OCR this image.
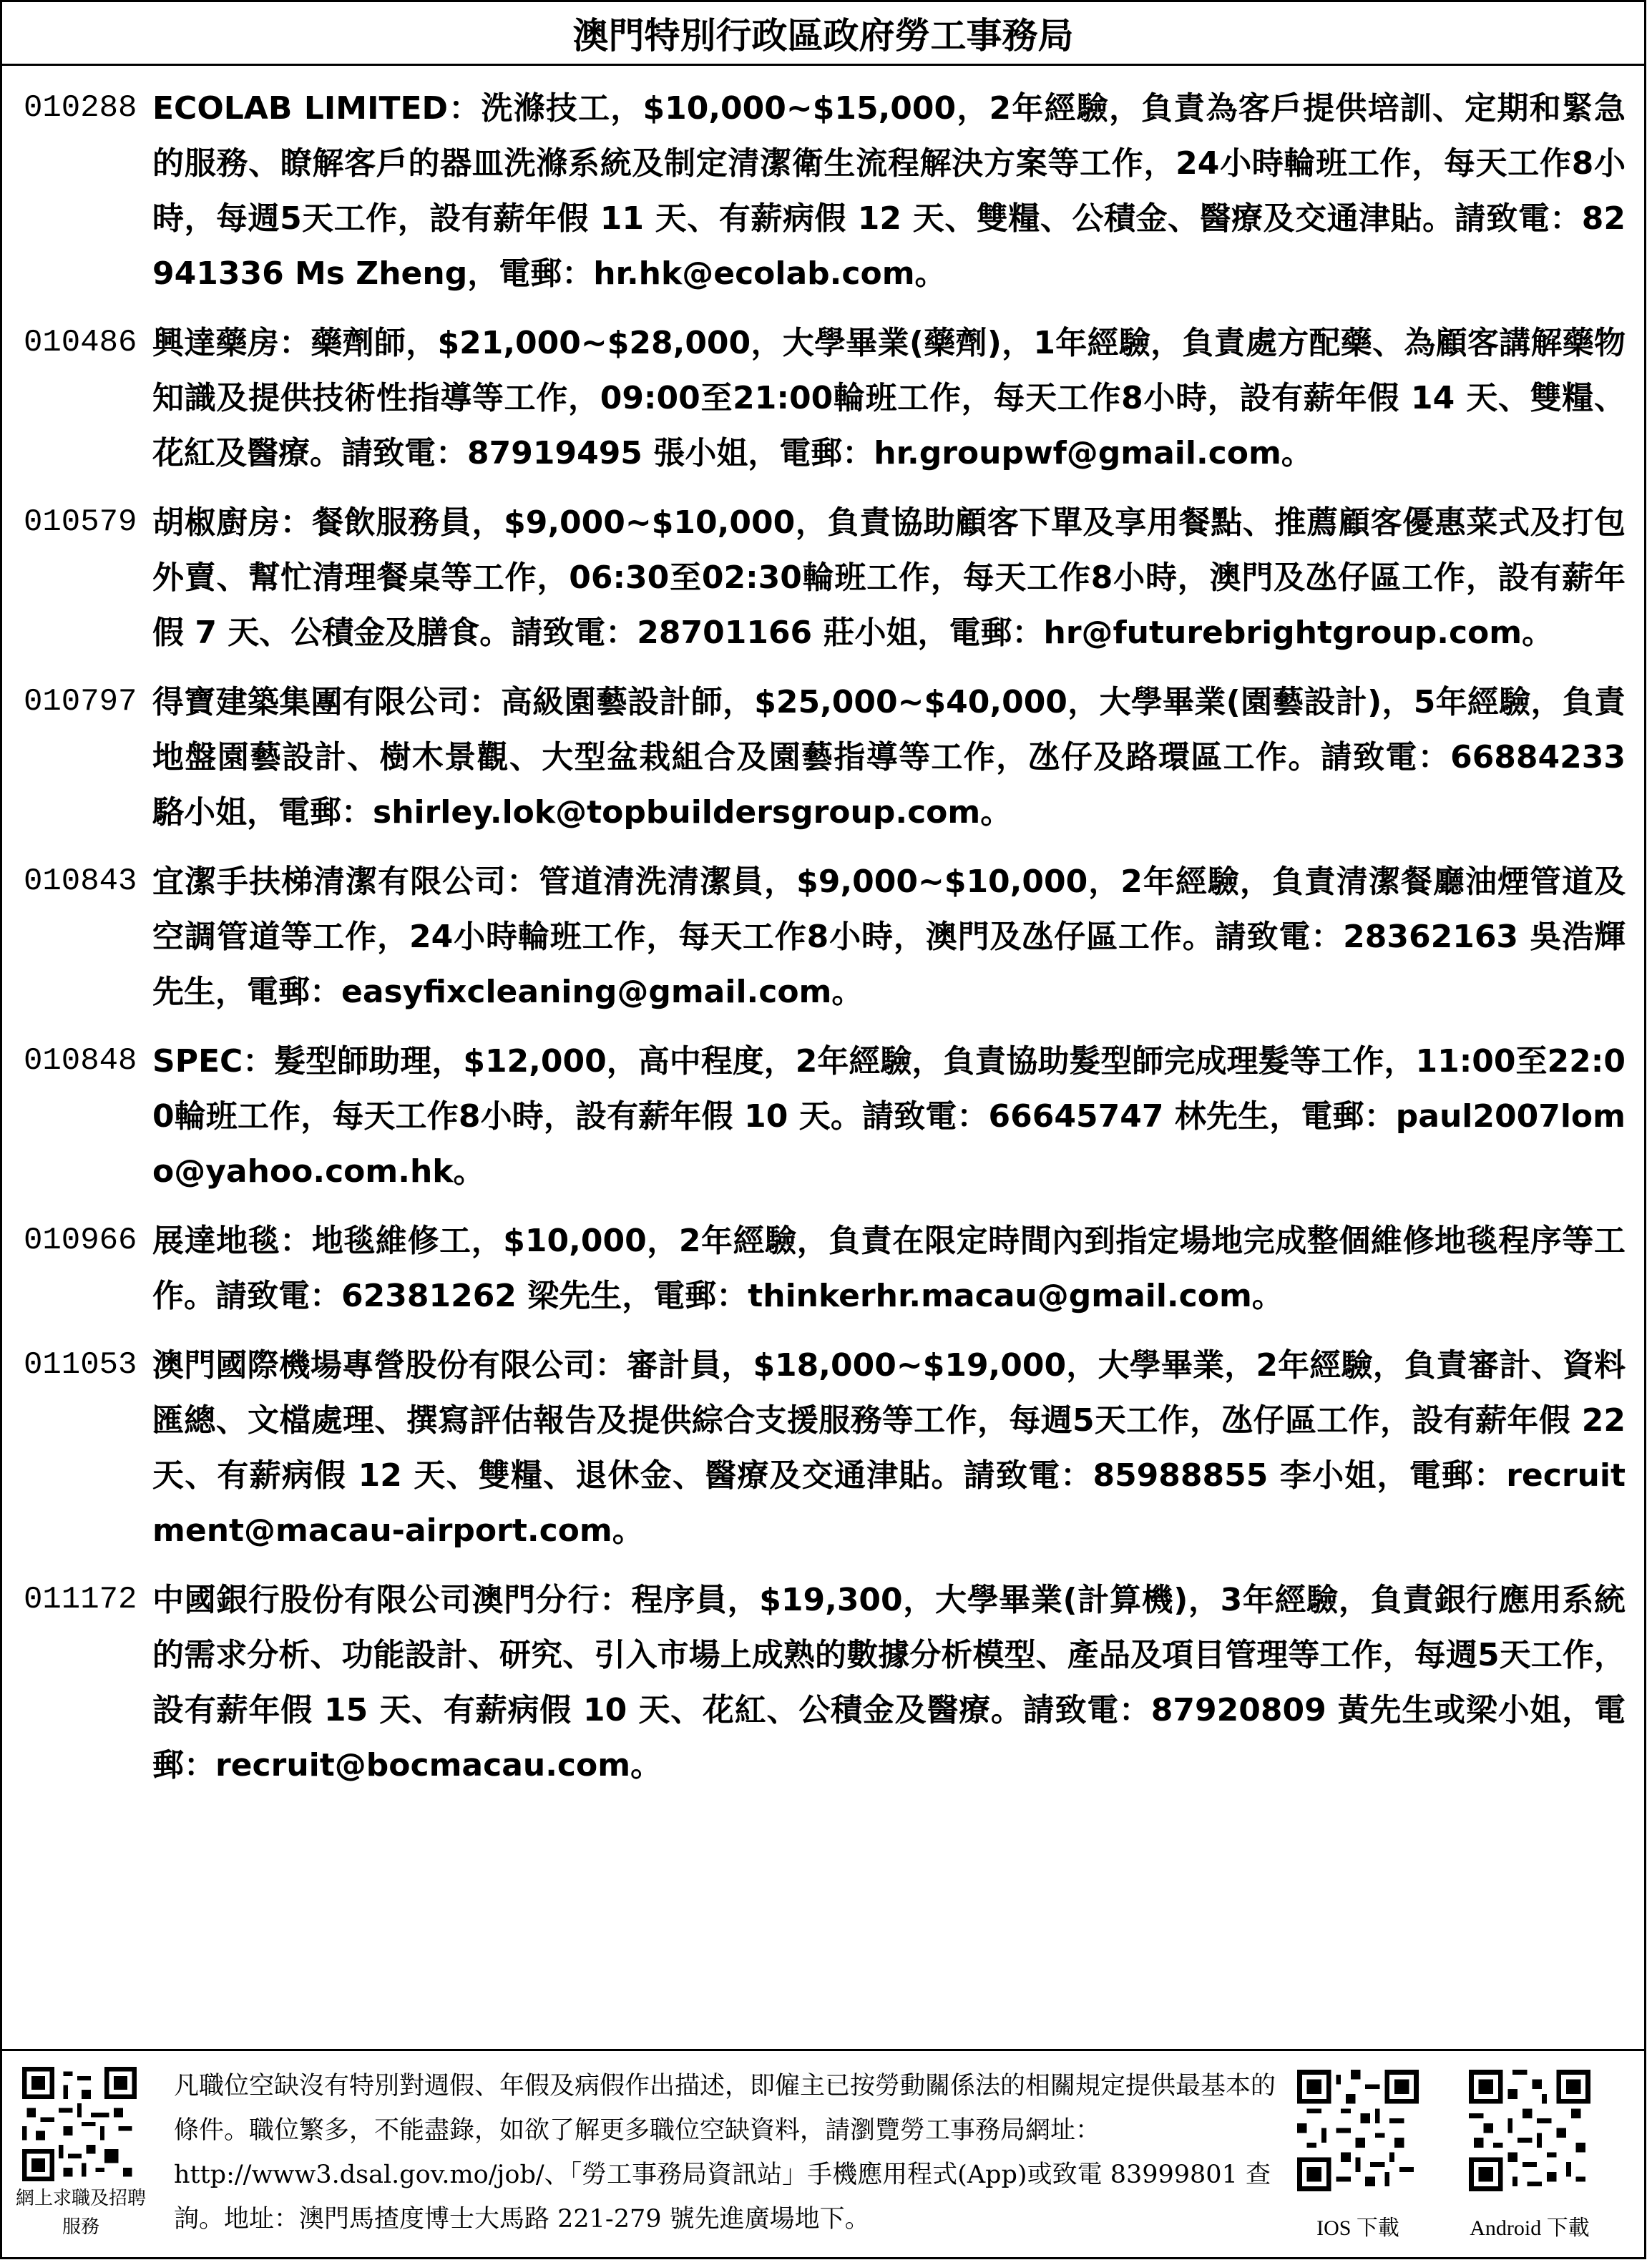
澳門特別行政區政府勞工事務局
010288 ECOLAB LIMITED：洗滌技工，$10,000~$15,000，2年經驗，負責為客戶提供培訓、定期和緊急的服務、瞭解客戶的器皿洗滌系統及制定清潔衛生流程解決方案等工作，24小時輪班工作，每天工作8小時，每週5天工作，設有薪年假 11 天、有薪病假 12 天、雙糧、公積金、醫療及交通津貼。請致電：82941336 Ms Zheng，電郵：hr.hk@ecolab.com。
010486 興達藥房：藥劑師，$21,000~$28,000，大學畢業(藥劑)，1年經驗，負責處方配藥、為顧客講解藥物知識及提供技術性指導等工作，09:00至21:00輪班工作，每天工作8小時，設有薪年假 14 天、雙糧、花紅及醫療。請致電：87919495 張小姐，電郵：hr.groupwf@gmail.com。
010579 胡椒廚房：餐飲服務員，$9,000~$10,000，負責協助顧客下單及享用餐點、推薦顧客優惠菜式及打包外賣、幫忙清理餐桌等工作，06:30至02:30輪班工作，每天工作8小時，澳門及氹仔區工作，設有薪年假 7 天、公積金及膳食。請致電：28701166 莊小姐，電郵：hr@futurebrightgroup.com。
010797 得寶建築集團有限公司：高級園藝設計師，$25,000~$40,000，大學畢業(園藝設計)，5年經驗，負責地盤園藝設計、樹木景觀、大型盆栽組合及園藝指導等工作，氹仔及路環區工作。請致電：66884233 駱小姐，電郵：shirley.lok@topbuildersgroup.com。
010843 宜潔手扶梯清潔有限公司：管道清洗清潔員，$9,000~$10,000，2年經驗，負責清潔餐廳油煙管道及空調管道等工作，24小時輪班工作，每天工作8小時，澳門及氹仔區工作。請致電：28362163 吳浩輝先生，電郵：easyfixcleaning@gmail.com。
010848 SPEC：髮型師助理，$12,000，高中程度，2年經驗，負責協助髮型師完成理髮等工作，11:00至22:00輪班工作，每天工作8小時，設有薪年假 10 天。請致電：66645747 林先生，電郵：paul2007lomo@yahoo.com.hk。
010966 展達地毯：地毯維修工，$10,000，2年經驗，負責在限定時間內到指定場地完成整個維修地毯程序等工作。請致電：62381262 梁先生，電郵：thinkerhr.macau@gmail.com。
011053 澳門國際機場專營股份有限公司：審計員，$18,000~$19,000，大學畢業，2年經驗，負責審計、資料匯總、文檔處理、撰寫評估報告及提供綜合支援服務等工作，每週5天工作，氹仔區工作，設有薪年假 22 天、有薪病假 12 天、雙糧、退休金、醫療及交通津貼。請致電：85988855 李小姐，電郵：recruitment@macau-airport.com。
011172 中國銀行股份有限公司澳門分行：程序員，$19,300，大學畢業(計算機)，3年經驗，負責銀行應用系統的需求分析、功能設計、研究、引入市場上成熟的數據分析模型、產品及項目管理等工作，每週5天工作，設有薪年假 15 天、有薪病假 10 天、花紅、公積金及醫療。請致電：87920809 黃先生或梁小姐，電郵：recruit@bocmacau.com。
網上求職及招聘服務
凡職位空缺沒有特別對週假、年假及病假作出描述，即僱主已按勞動關係法的相關規定提供最基本的條件。職位繁多，不能盡錄，如欲了解更多職位空缺資料，請瀏覽勞工事務局網址：http://www3.dsal.gov.mo/job/、「勞工事務局資訊站」手機應用程式(App)或致電 83999801 查詢。地址：澳門馬揸度博士大馬路 221-279 號先進廣場地下。	IOS 下載	Android 下載
